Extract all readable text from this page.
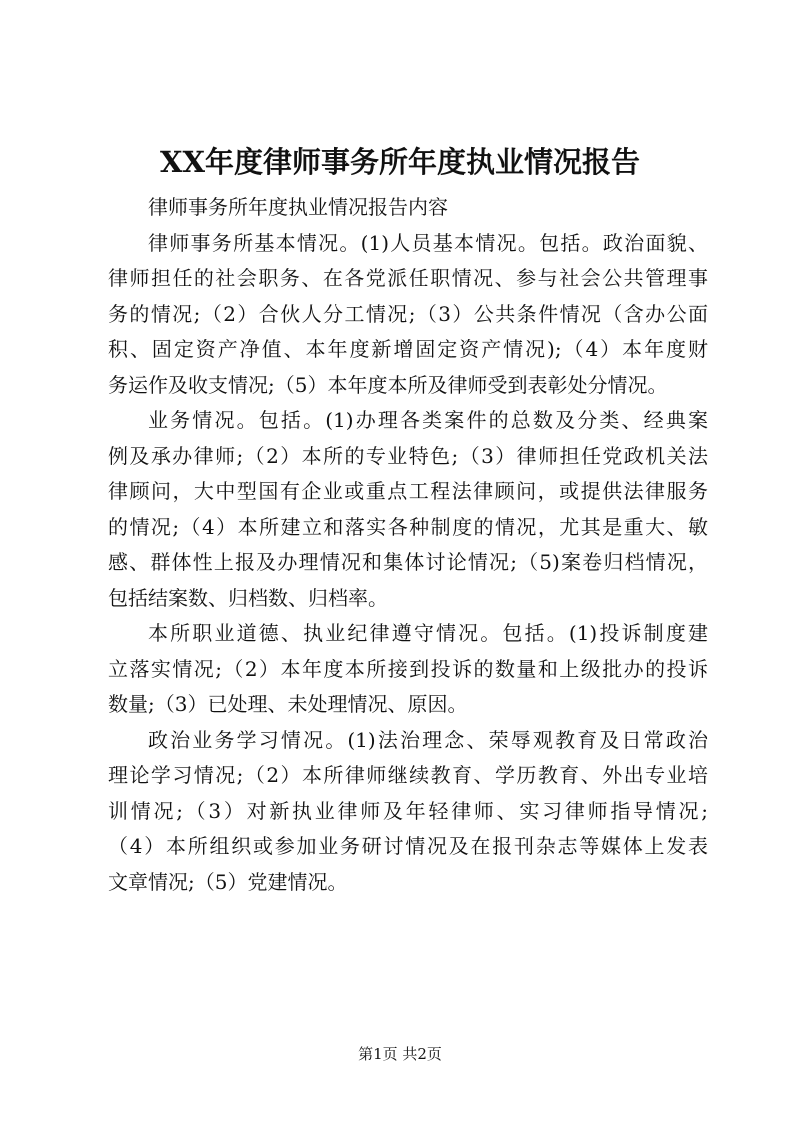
XX年度律师事务所年度执业情况报告
律师事务所年度执业情况报告内容
律师事务所基本情况。(1)人员基本情况。包括。政治面貌、
律师担任的社会职务、在各党派任职情况、参与社会公共管理事
务的情况;（2）合伙人分工情况;（3）公共条件情况（含办公面
积、固定资产净值、本年度新增固定资产情况);（4）本年度财
务运作及收支情况;（5）本年度本所及律师受到表彰处分情况。
业务情况。包括。(1)办理各类案件的总数及分类、经典案
例及承办律师;（2）本所的专业特色;（3）律师担任党政机关法
律顾问，大中型国有企业或重点工程法律顾问，或提供法律服务
的情况;（4）本所建立和落实各种制度的情况，尤其是重大、敏
感、群体性上报及办理情况和集体讨论情况;（5)案卷归档情况，
包括结案数、归档数、归档率。
本所职业道德、执业纪律遵守情况。包括。(1)投诉制度建
立落实情况;（2）本年度本所接到投诉的数量和上级批办的投诉
数量;（3）已处理、未处理情况、原因。
政治业务学习情况。(1)法治理念、荣辱观教育及日常政治
理论学习情况;（2）本所律师继续教育、学历教育、外出专业培
训情况;（3）对新执业律师及年轻律师、实习律师指导情况;
（4）本所组织或参加业务研讨情况及在报刊杂志等媒体上发表
文章情况;（5）党建情况。
第1页 共2页
